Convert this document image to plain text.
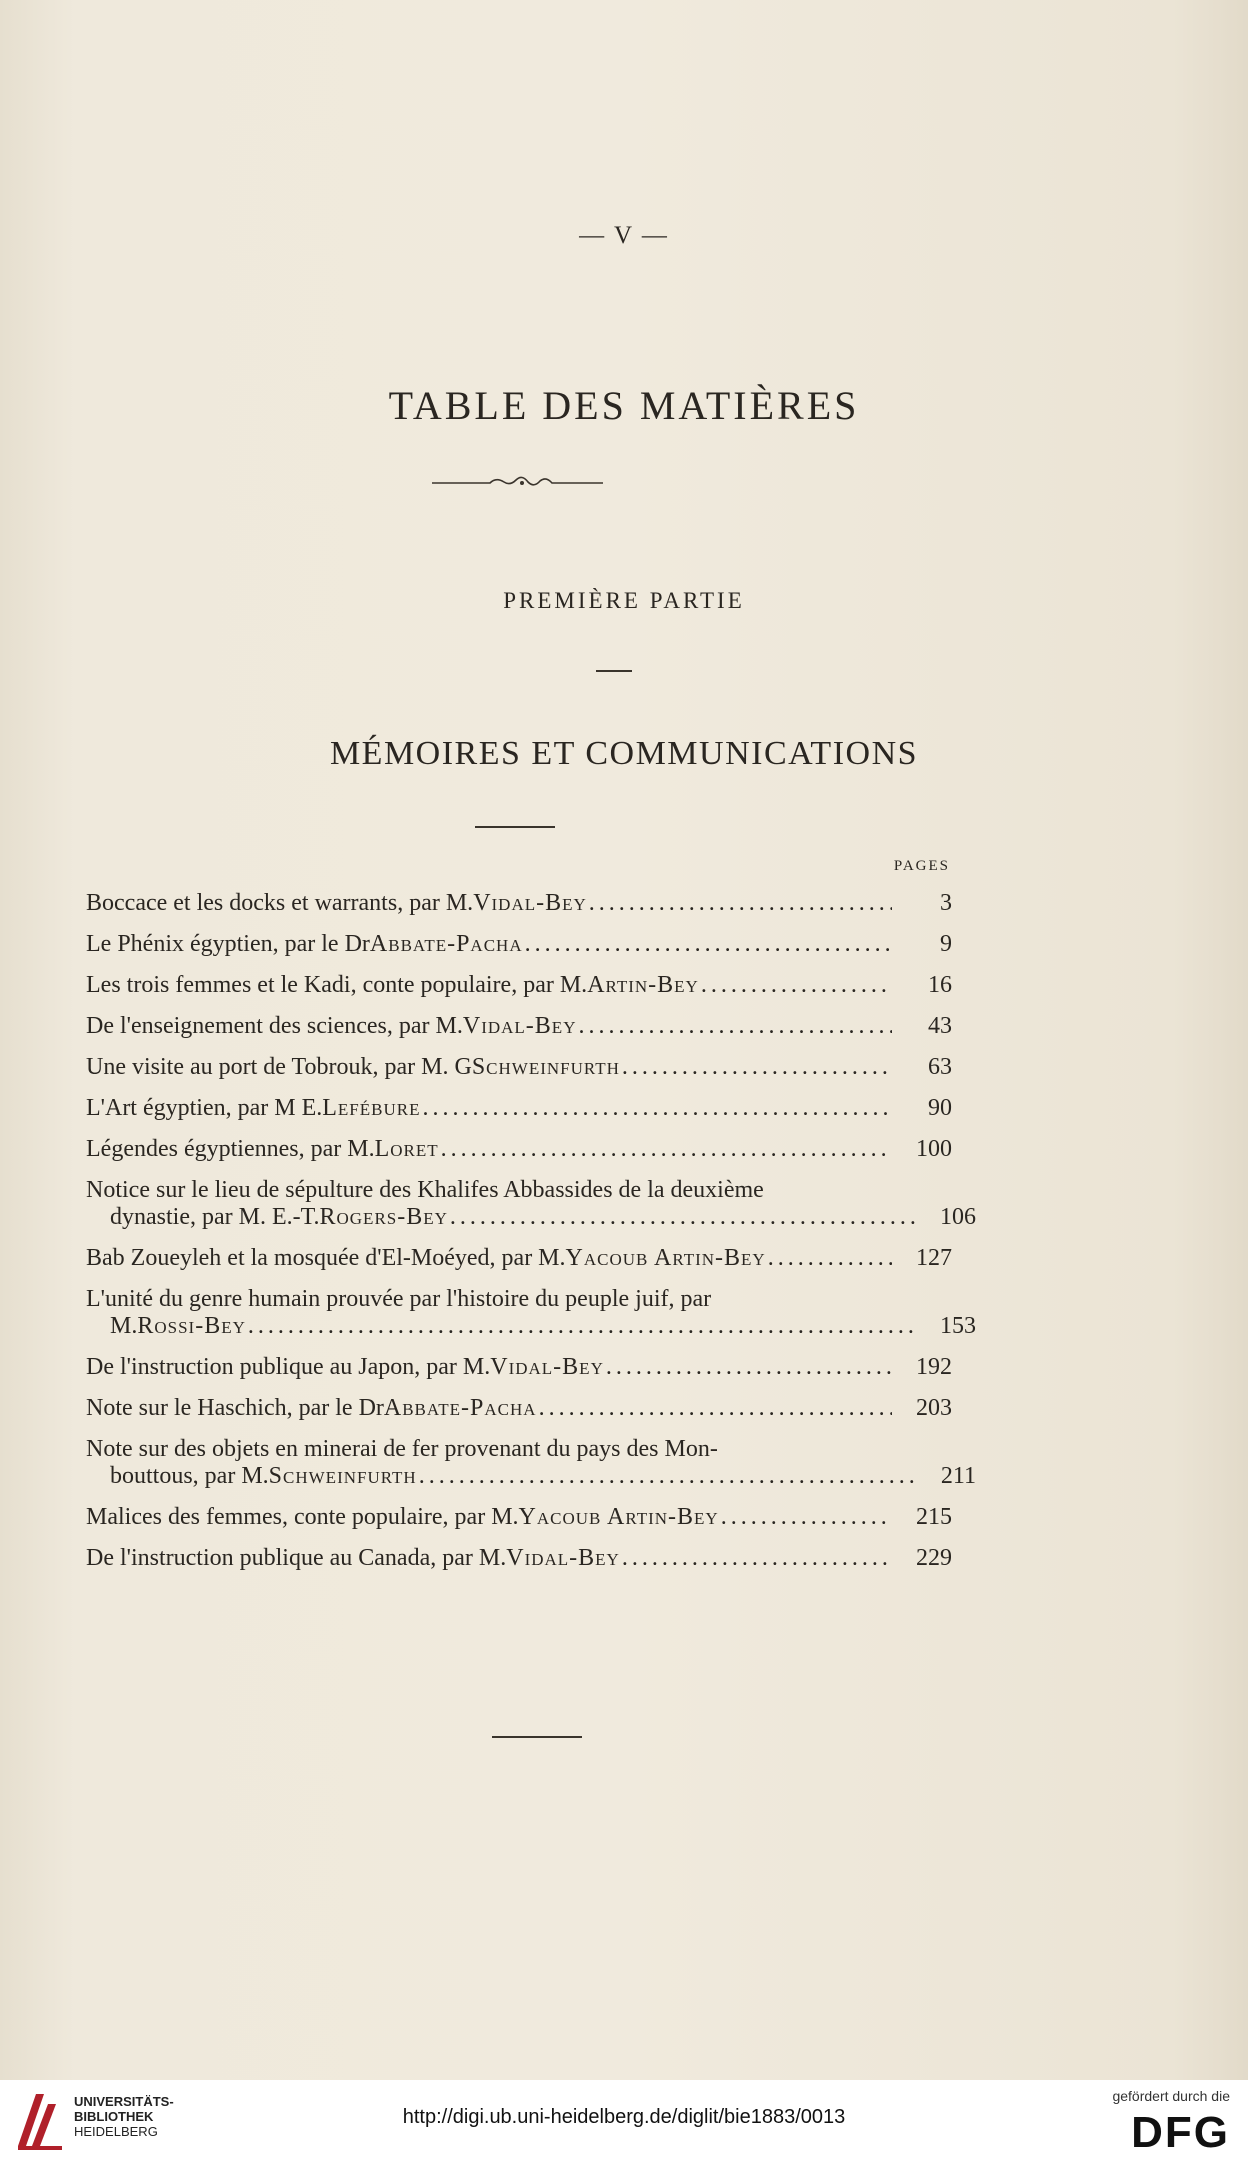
— V —
TABLE DES MATIÈRES
PREMIÈRE PARTIE
MÉMOIRES ET COMMUNICATIONS
PAGES
Boccace et les docks et warrants, par M. Vidal-Bey .....	3
Le Phénix égyptien, par le Dr Abbate-Pacha .....	9
Les trois femmes et le Kadi, conte populaire, par M. Artin-Bey .....	16
De l'enseignement des sciences, par M. Vidal-Bey .....	43
Une visite au port de Tobrouk, par M. G Schweinfurth .....	63
L'Art égyptien, par M E. Lefébure .....	90
Légendes égyptiennes, par M. Loret .....	100
Notice sur le lieu de sépulture des Khalifes Abbassides de la deuxième
dynastie, par M. E.-T. Rogers-Bey .....	106
Bab Zoueyleh et la mosquée d'El-Moéyed, par M. Yacoub Artin-Bey .....	127
L'unité du genre humain prouvée par l'histoire du peuple juif, par
M. Rossi-Bey .....	153
De l'instruction publique au Japon, par M. Vidal-Bey .....	192
Note sur le Haschich, par le Dr Abbate-Pacha .....	203
Note sur des objets en minerai de fer provenant du pays des Mon-
bouttous, par M. Schweinfurth .....	211
Malices des femmes, conte populaire, par M. Yacoub Artin-Bey .....	215
De l'instruction publique au Canada, par M. Vidal-Bey .....	229
UNIVERSITÄTS-
BIBLIOTHEK
HEIDELBERG
http://digi.ub.uni-heidelberg.de/diglit/bie1883/0013
gefördert durch die
DFG
